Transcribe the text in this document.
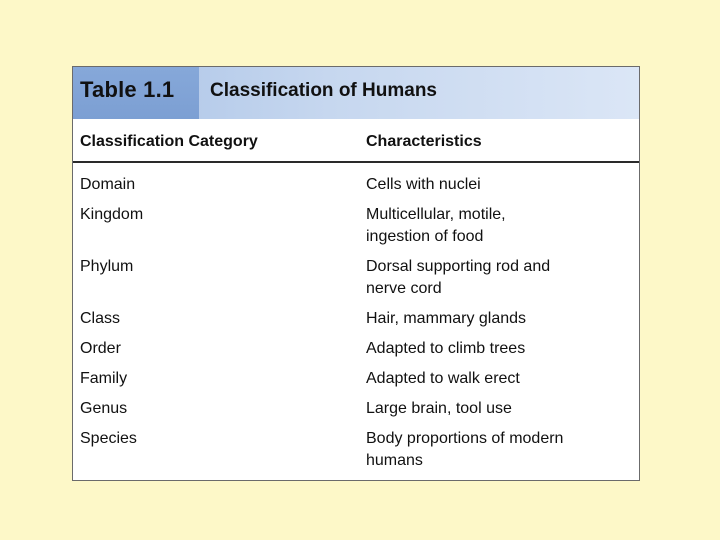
Table 1.1 Classification of Humans
Classification Category	Characteristics
Domain	Cells with nuclei
Kingdom	Multicellular, motile,
ingestion of food
Phylum	Dorsal supporting rod and
nerve cord
Class	Hair, mammary glands
Order	Adapted to climb trees
Family	Adapted to walk erect
Genus	Large brain, tool use
Species	Body proportions of modern
humans
